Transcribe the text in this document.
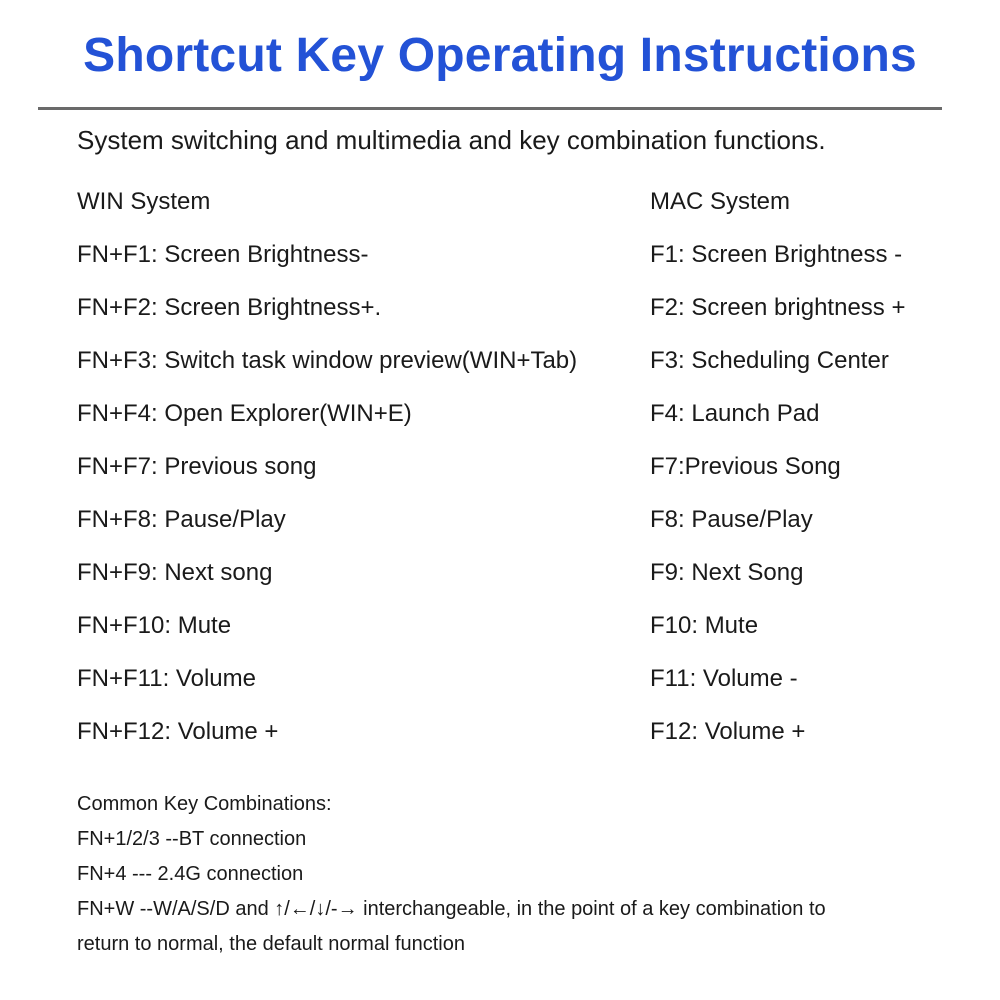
Shortcut Key Operating Instructions

System switching and multimedia and key combination functions.

WIN System
FN+F1: Screen Brightness-
FN+F2: Screen Brightness+.
FN+F3: Switch task window preview(WIN+Tab)
FN+F4: Open Explorer(WIN+E)
FN+F7: Previous song
FN+F8: Pause/Play
FN+F9: Next song
FN+F10: Mute
FN+F11: Volume
FN+F12: Volume +
MAC System
F1: Screen Brightness -
F2: Screen brightness +
F3: Scheduling Center
F4: Launch Pad
F7:Previous Song
F8: Pause/Play
F9: Next Song
F10: Mute
F11: Volume -
F12: Volume +
Common Key Combinations:
FN+1/2/3 --BT connection
FN+4 --- 2.4G connection
FN+W --W/A/S/D and ↑/←/↓/-→ interchangeable, in the point of a key combination to
return to normal, the default normal function
